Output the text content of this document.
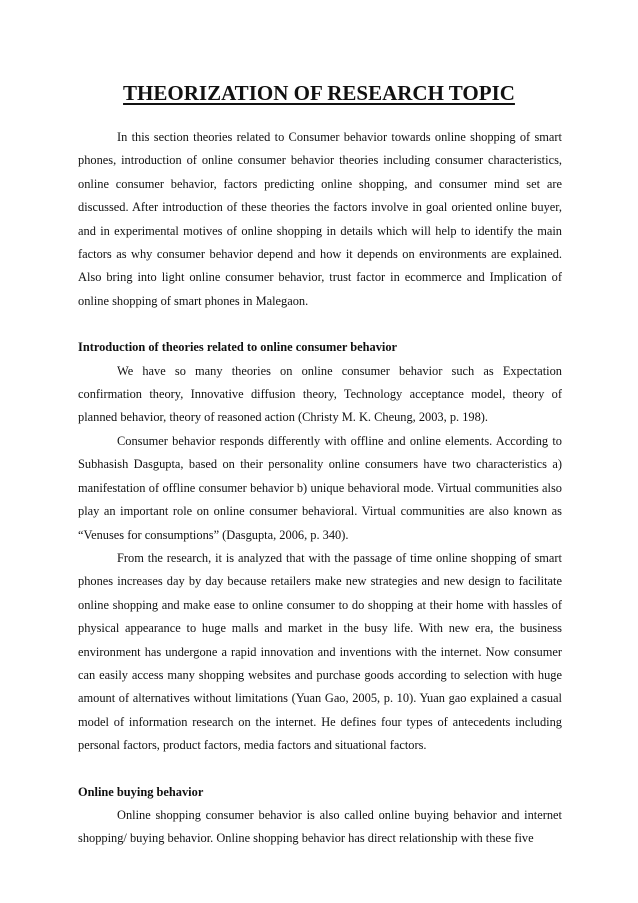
THEORIZATION OF RESEARCH TOPIC

In this section theories related to Consumer behavior towards online shopping of smart phones, introduction of online consumer behavior theories including consumer characteristics, online consumer behavior, factors predicting online shopping, and consumer mind set are discussed. After introduction of these theories the factors involve in goal oriented online buyer, and in experimental motives of online shopping in details which will help to identify the main factors as why consumer behavior depend and how it depends on environments are explained. Also bring into light online consumer behavior, trust factor in ecommerce and Implication of online shopping of smart phones in Malegaon.

Introduction of theories related to online consumer behavior

We have so many theories on online consumer behavior such as Expectation confirmation theory, Innovative diffusion theory, Technology acceptance model, theory of planned behavior, theory of reasoned action (Christy M. K. Cheung, 2003, p. 198).

Consumer behavior responds differently with offline and online elements. According to Subhasish Dasgupta, based on their personality online consumers have two characteristics a) manifestation of offline consumer behavior b) unique behavioral mode. Virtual communities also play an important role on online consumer behavioral. Virtual communities are also known as “Venuses for consumptions” (Dasgupta, 2006, p. 340).

From the research, it is analyzed that with the passage of time online shopping of smart phones increases day by day because retailers make new strategies and new design to facilitate online shopping and make ease to online consumer to do shopping at their home with hassles of physical appearance to huge malls and market in the busy life. With new era, the business environment has undergone a rapid innovation and inventions with the internet. Now consumer can easily access many shopping websites and purchase goods according to selection with huge amount of alternatives without limitations (Yuan Gao, 2005, p. 10). Yuan gao explained a casual model of information research on the internet. He defines four types of antecedents including personal factors, product factors, media factors and situational factors.

Online buying behavior

Online shopping consumer behavior is also called online buying behavior and internet shopping/ buying behavior. Online shopping behavior has direct relationship with these five
